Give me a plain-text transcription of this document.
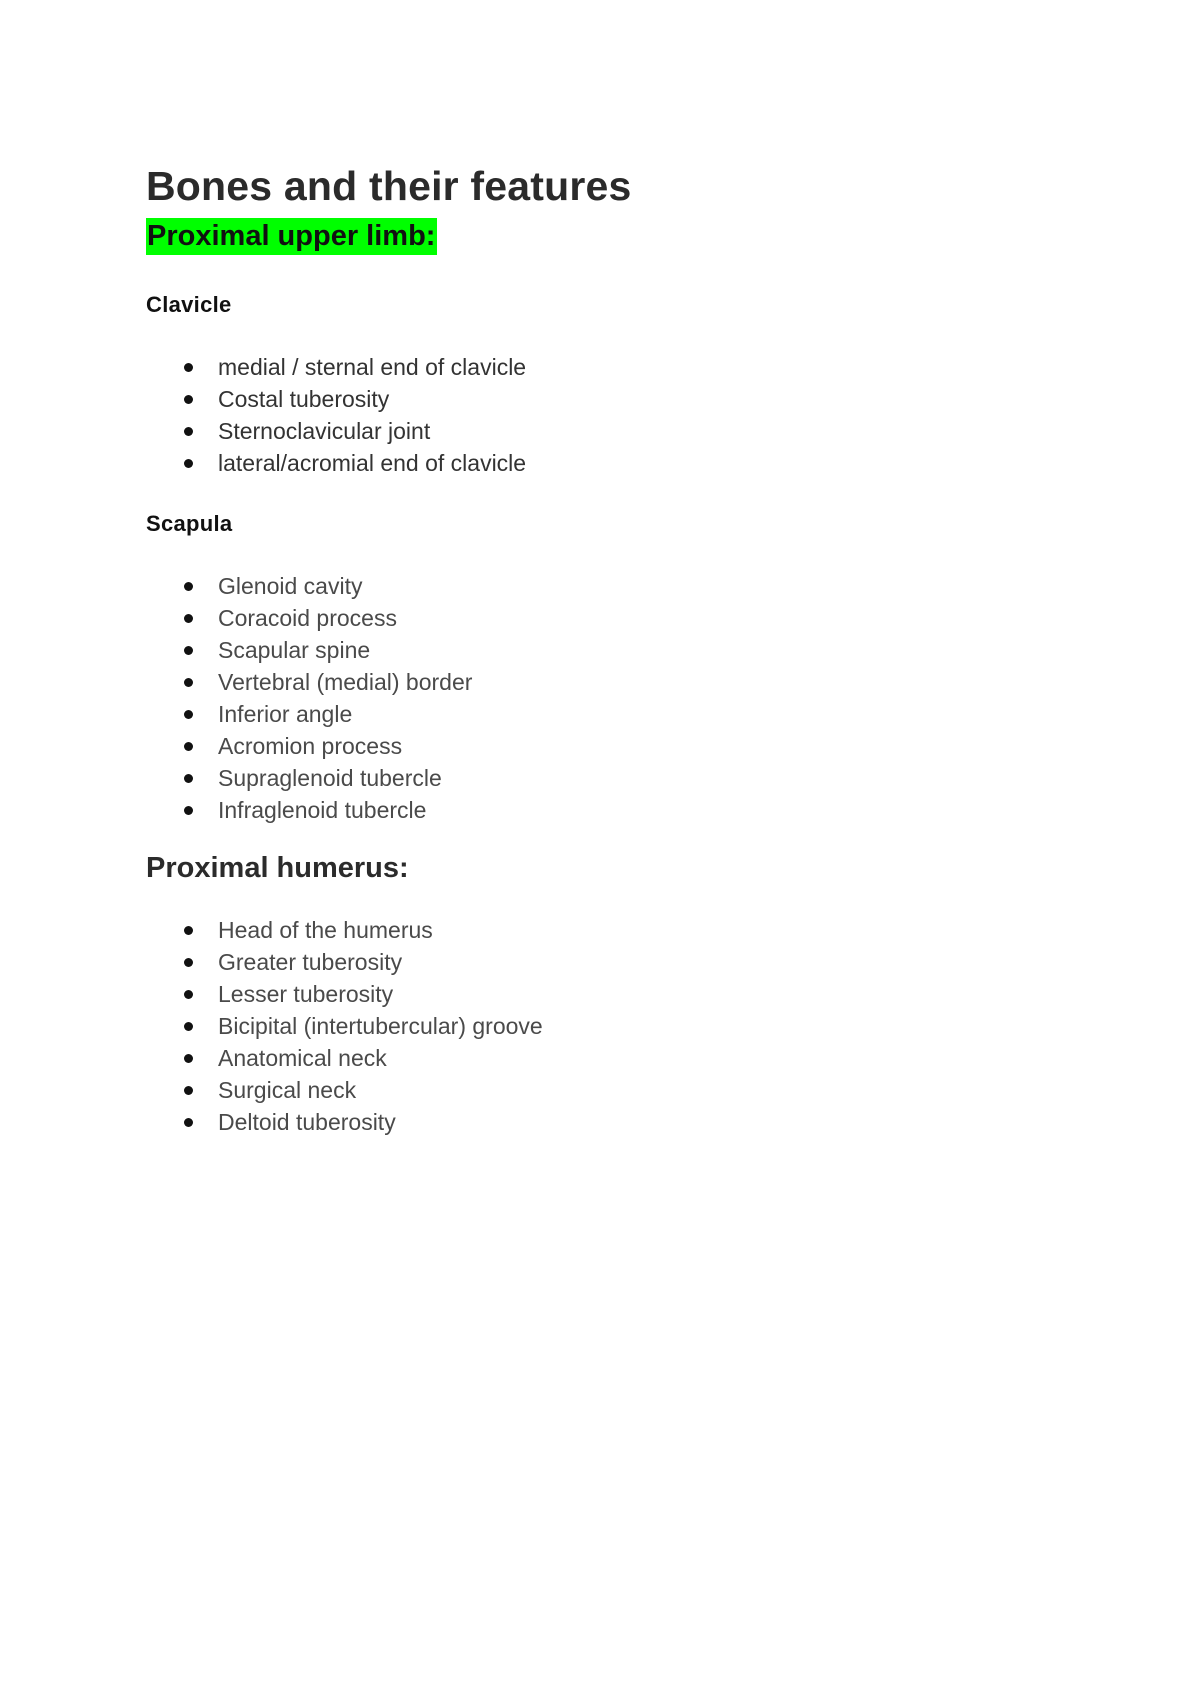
Bones and their features
Proximal upper limb:
Clavicle
medial / sternal end of clavicle
Costal tuberosity
Sternoclavicular joint
lateral/acromial end of clavicle
Scapula
Glenoid cavity
Coracoid process
Scapular spine
Vertebral (medial) border
Inferior angle
Acromion process
Supraglenoid tubercle
Infraglenoid tubercle
Proximal humerus:
Head of the humerus
Greater tuberosity
Lesser tuberosity
Bicipital (intertubercular) groove
Anatomical neck
Surgical neck
Deltoid tuberosity
